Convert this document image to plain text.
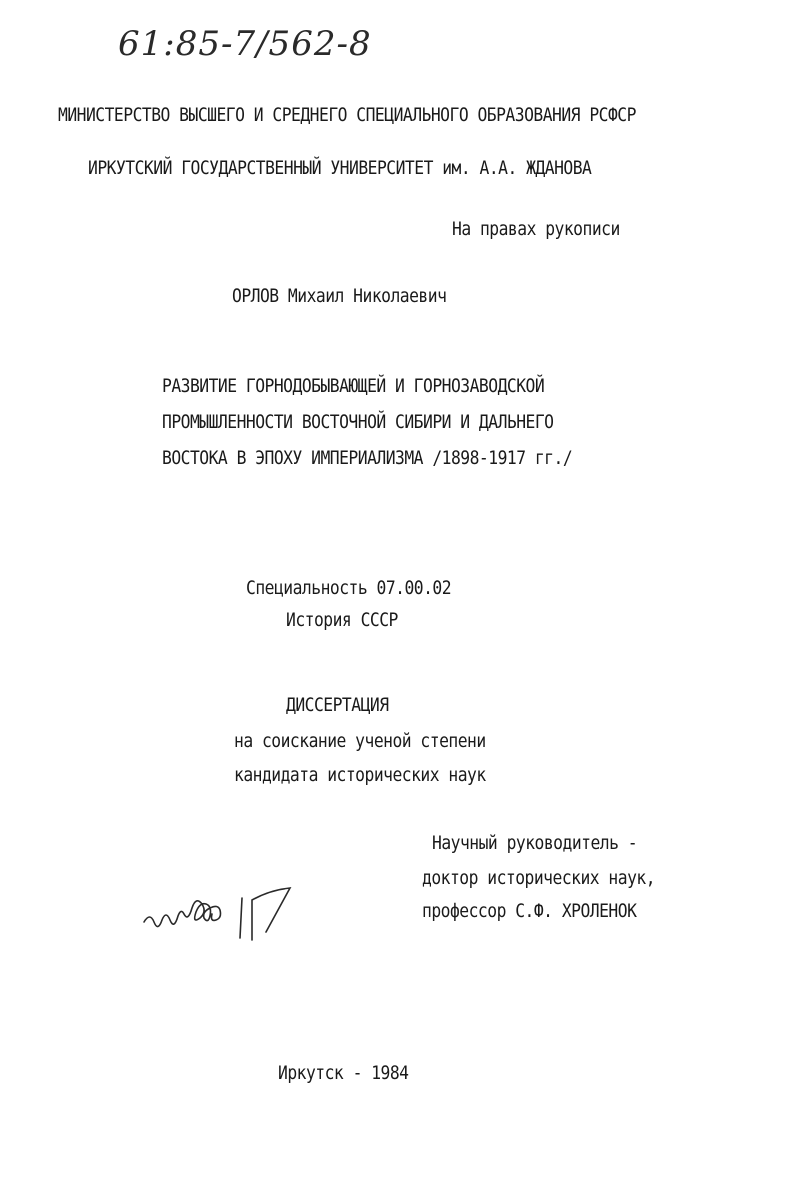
61:85-7/562-8
МИНИСТЕРСТВО ВЫСШЕГО И СРЕДНЕГО СПЕЦИАЛЬНОГО ОБРАЗОВАНИЯ РСФСР
ИРКУТСКИЙ ГОСУДАРСТВЕННЫЙ УНИВЕРСИТЕТ им. А.А. ЖДАНОВА
На правах рукописи
ОРЛОВ Михаил Николаевич
РАЗВИТИЕ ГОРНОДОБЫВАЮЩЕЙ И ГОРНОЗАВОДСКОЙ
ПРОМЫШЛЕННОСТИ ВОСТОЧНОЙ СИБИРИ И ДАЛЬНЕГО
ВОСТОКА В ЭПОХУ ИМПЕРИАЛИЗМА /1898-1917 гг./
Специальность 07.00.02
История СССР
ДИССЕРТАЦИЯ
на соискание ученой степени
кандидата исторических наук
Научный руководитель -
доктор исторических наук,
профессор С.Ф. ХРОЛЕНОК
Иркутск - 1984
